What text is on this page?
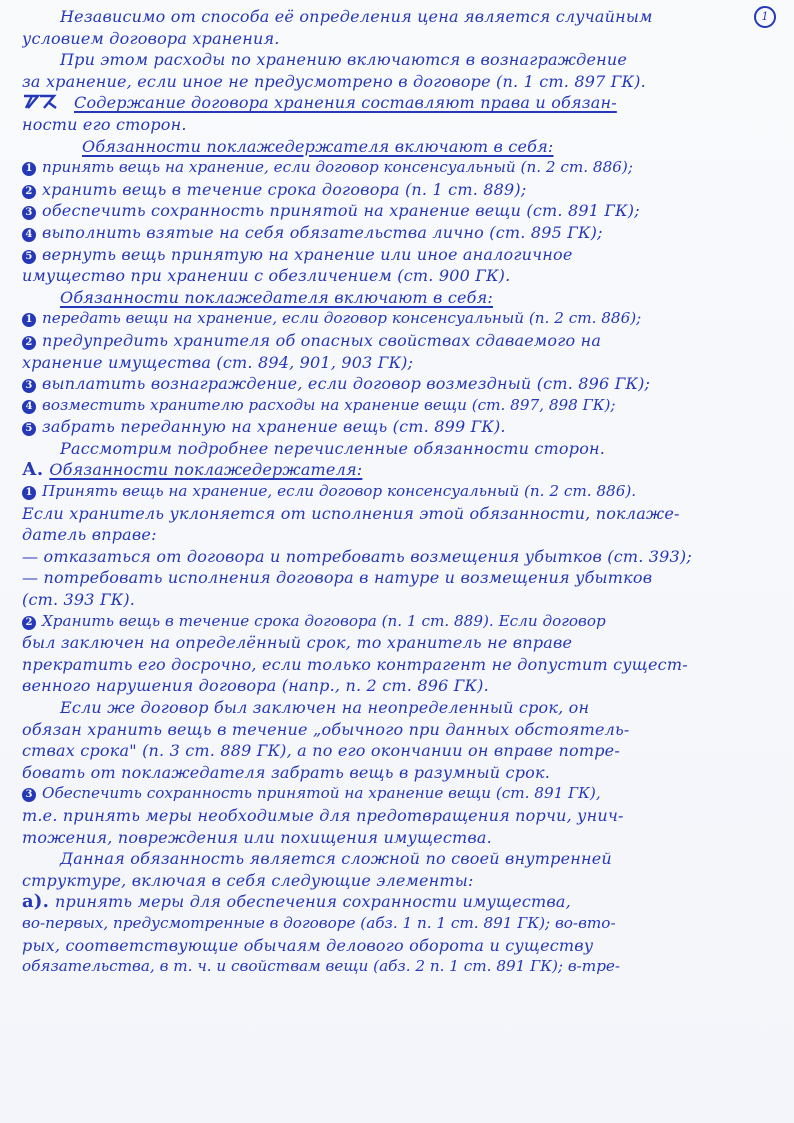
1
Независимо от способа её определения цена является случайным
условием договора хранения.
При этом расходы по хранению включаются в вознаграждение
за хранение, если иное не предусмотрено в договоре (п. 1 ст. 897 ГК).
Содержание договора хранения составляют права и обязан-
ности его сторон.
Обязанности поклажедержателя включают в себя:
1 принять вещь на хранение, если договор консенсуальный (п. 2 ст. 886);
2 хранить вещь в течение срока договора (п. 1 ст. 889);
3 обеспечить сохранность принятой на хранение вещи (ст. 891 ГК);
4 выполнить взятые на себя обязательства лично (ст. 895 ГК);
5 вернуть вещь принятую на хранение или иное аналогичное
имущество при хранении с обезличением (ст. 900 ГК).
Обязанности поклажедателя включают в себя:
1 передать вещи на хранение, если договор консенсуальный (п. 2 ст. 886);
2 предупредить хранителя об опасных свойствах сдаваемого на
хранение имущества (ст. 894, 901, 903 ГК);
3 выплатить вознаграждение, если договор возмездный (ст. 896 ГК);
4 возместить хранителю расходы на хранение вещи (ст. 897, 898 ГК);
5 забрать переданную на хранение вещь (ст. 899 ГК).
Рассмотрим подробнее перечисленные обязанности сторон.
А. Обязанности поклажедержателя:
1 Принять вещь на хранение, если договор консенсуальный (п. 2 ст. 886).
Если хранитель уклоняется от исполнения этой обязанности, поклаже-
датель вправе:
— отказаться от договора и потребовать возмещения убытков (ст. 393);
— потребовать исполнения договора в натуре и возмещения убытков
(ст. 393 ГК).
2 Хранить вещь в течение срока договора (п. 1 ст. 889). Если договор
был заключен на определённый срок, то хранитель не вправе
прекратить его досрочно, если только контрагент не допустит сущест-
венного нарушения договора (напр., п. 2 ст. 896 ГК).
Если же договор был заключен на неопределенный срок, он
обязан хранить вещь в течение „обычного при данных обстоятель-
ствах срока" (п. 3 ст. 889 ГК), а по его окончании он вправе потре-
бовать от поклажедателя забрать вещь в разумный срок.
3 Обеспечить сохранность принятой на хранение вещи (ст. 891 ГК),
т.е. принять меры необходимые для предотвращения порчи, унич-
тожения, повреждения или похищения имущества.
Данная обязанность является сложной по своей внутренней
структуре, включая в себя следующие элементы:
а). принять меры для обеспечения сохранности имущества,
во-первых, предусмотренные в договоре (абз. 1 п. 1 ст. 891 ГК); во-вто-
рых, соответствующие обычаям делового оборота и существу
обязательства, в т. ч. и свойствам вещи (абз. 2 п. 1 ст. 891 ГК); в-тре-
